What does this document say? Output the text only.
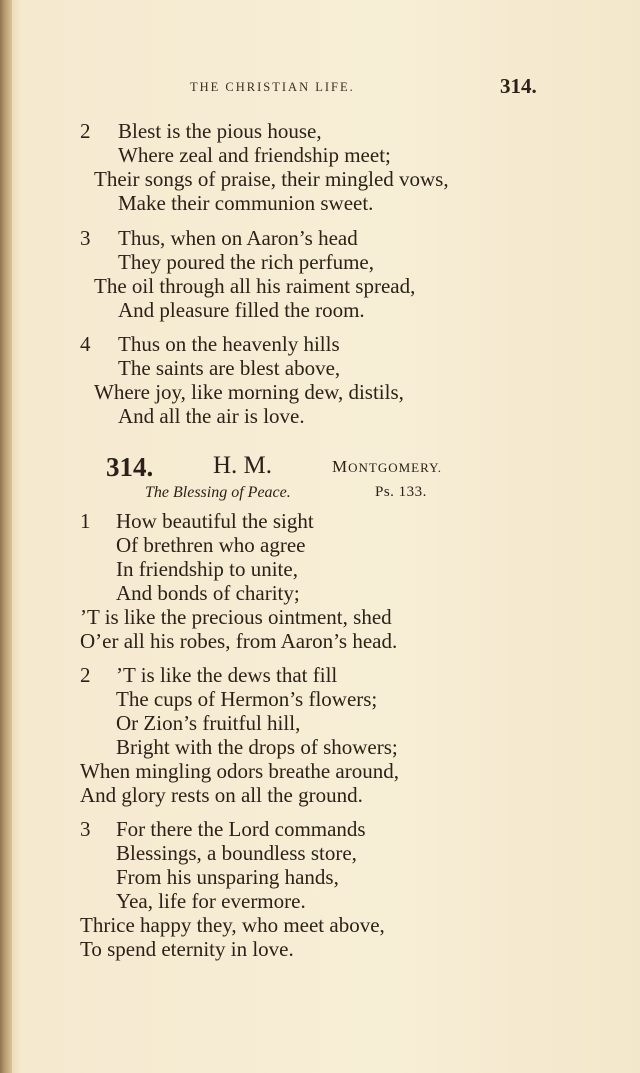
THE CHRISTIAN LIFE.	314.
2 Blest is the pious house,
Where zeal and friendship meet;
Their songs of praise, their mingled vows,
Make their communion sweet.
3 Thus, when on Aaron’s head
They poured the rich perfume,
The oil through all his raiment spread,
And pleasure filled the room.
4 Thus on the heavenly hills
The saints are blest above,
Where joy, like morning dew, distils,
And all the air is love.
314. H. M.	MONTGOMERY.
The Blessing of Peace.	Ps. 133.
1 How beautiful the sight
Of brethren who agree
In friendship to unite,
And bonds of charity;
’T is like the precious ointment, shed
O’er all his robes, from Aaron’s head.
2 ’T is like the dews that fill
The cups of Hermon’s flowers;
Or Zion’s fruitful hill,
Bright with the drops of showers;
When mingling odors breathe around,
And glory rests on all the ground.
3 For there the Lord commands
Blessings, a boundless store,
From his unsparing hands,
Yea, life for evermore.
Thrice happy they, who meet above,
To spend eternity in love.
